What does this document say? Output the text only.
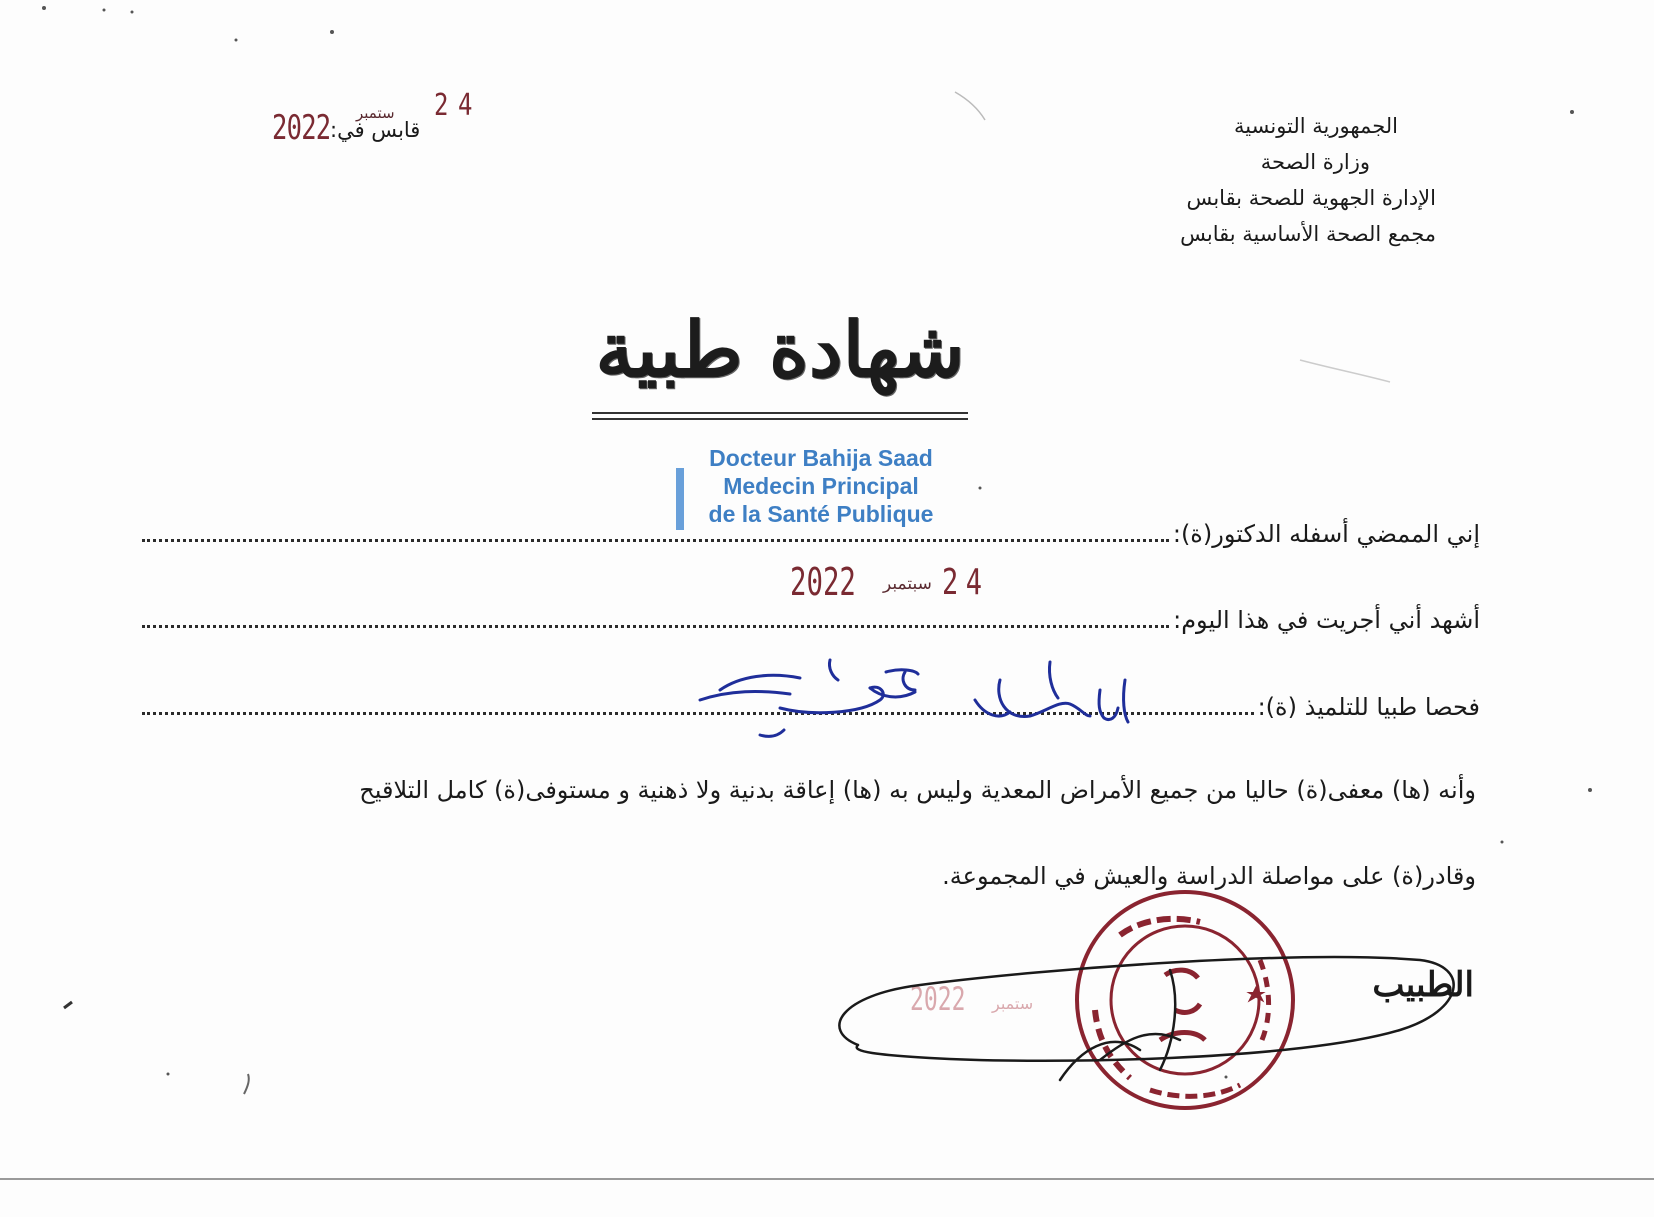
الجمهورية التونسية
وزارة الصحة
الإدارة الجهوية للصحة بقابس
مجمع الصحة الأساسية بقابس
قابس في:
2022 ستمبر 24
شهادة طبية
Docteur Bahija Saad
Medecin Principal
de la Santé Publique
إني الممضي أسفله الدكتور(ة):
2022 سبتمبر 24
أشهد أني أجريت في هذا اليوم:
فحصا طبيا للتلميذ (ة):
وأنه (ها) معفى(ة) حاليا من جميع الأمراض المعدية وليس به (ها) إعاقة بدنية ولا ذهنية و مستوفى(ة) كامل التلاقيح
وقادر(ة) على مواصلة الدراسة والعيش في المجموعة.
الطبيب
2022 ستمبر
